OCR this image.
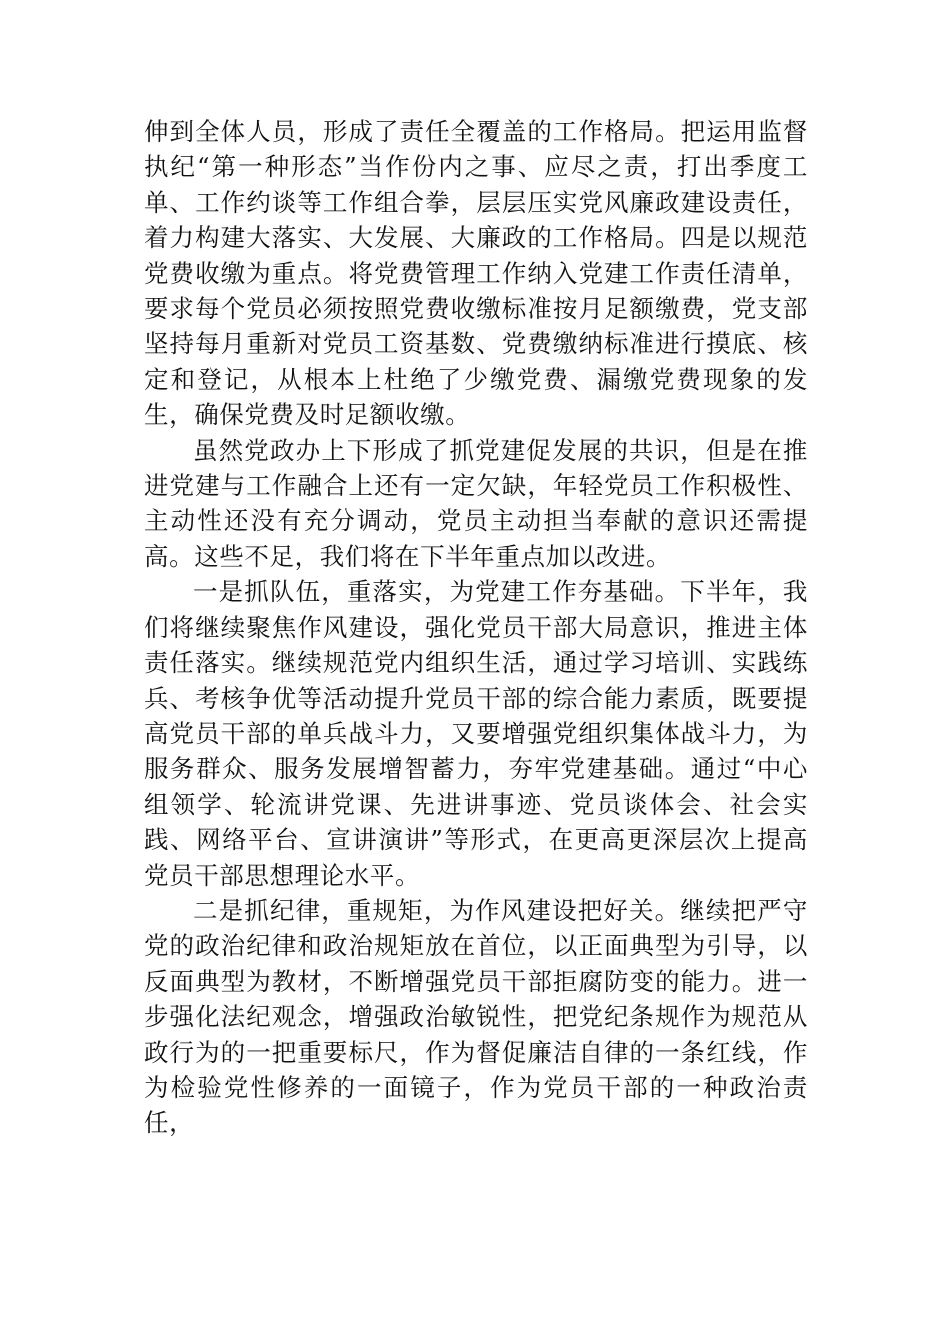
伸到全体人员，形成了责任全覆盖的工作格局。把运用监督执纪“第一种形态”当作份内之事、应尽之责，打出季度工单、工作约谈等工作组合拳，层层压实党风廉政建设责任，着力构建大落实、大发展、大廉政的工作格局。四是以规范党费收缴为重点。将党费管理工作纳入党建工作责任清单，要求每个党员必须按照党费收缴标准按月足额缴费，党支部坚持每月重新对党员工资基数、党费缴纳标准进行摸底、核定和登记，从根本上杜绝了少缴党费、漏缴党费现象的发生，确保党费及时足额收缴。

虽然党政办上下形成了抓党建促发展的共识，但是在推进党建与工作融合上还有一定欠缺，年轻党员工作积极性、主动性还没有充分调动，党员主动担当奉献的意识还需提高。这些不足，我们将在下半年重点加以改进。

一是抓队伍，重落实，为党建工作夯基础。下半年，我们将继续聚焦作风建设，强化党员干部大局意识，推进主体责任落实。继续规范党内组织生活，通过学习培训、实践练兵、考核争优等活动提升党员干部的综合能力素质，既要提高党员干部的单兵战斗力，又要增强党组织集体战斗力，为服务群众、服务发展增智蓄力，夯牢党建基础。通过“中心组领学、轮流讲党课、先进讲事迹、党员谈体会、社会实践、网络平台、宣讲演讲”等形式，在更高更深层次上提高党员干部思想理论水平。

二是抓纪律，重规矩，为作风建设把好关。继续把严守党的政治纪律和政治规矩放在首位，以正面典型为引导，以反面典型为教材，不断增强党员干部拒腐防变的能力。进一步强化法纪观念，增强政治敏锐性，把党纪条规作为规范从政行为的一把重要标尺，作为督促廉洁自律的一条红线，作为检验党性修养的一面镜子，作为党员干部的一种政治责任，
